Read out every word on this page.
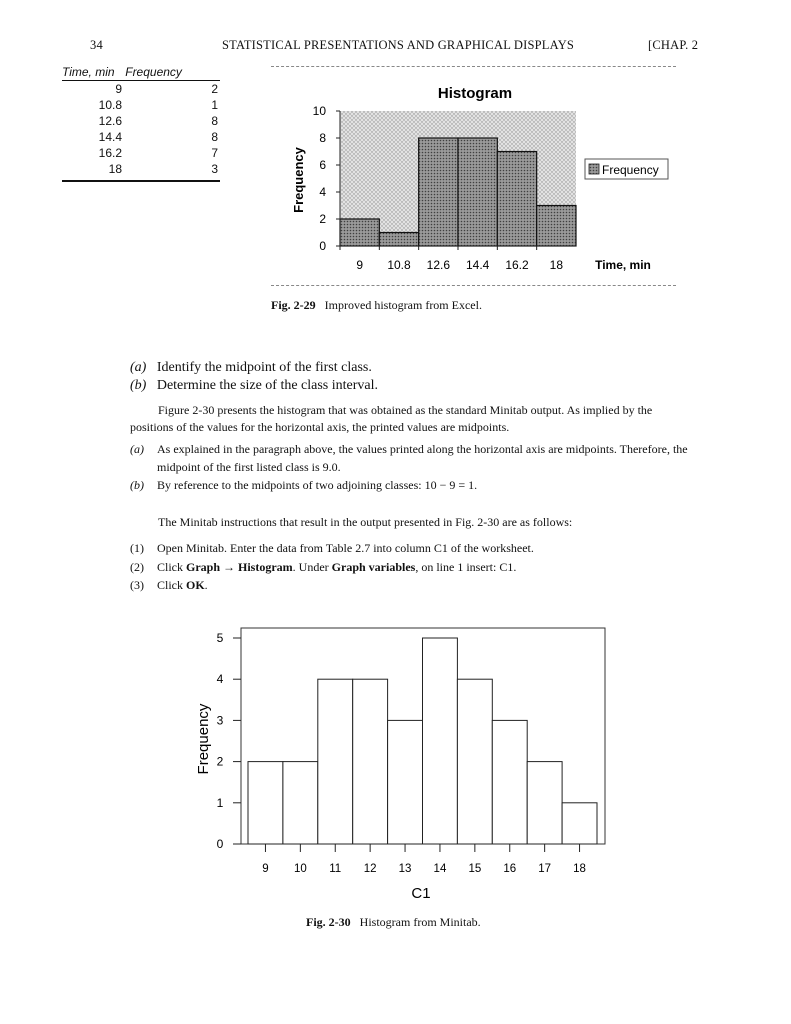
34	STATISTICAL PRESENTATIONS AND GRAPHICAL DISPLAYS	[CHAP. 2
Time, min Frequency
9	2
10.8	1
12.6	8
14.4	8
16.2	7
18	3
0
2
4
6
8
10
9 10.8 12.6 14.4 16.2 18
Histogram
Frequency
Time, min
Frequency
Fig. 2-29 Improved histogram from Excel.
(a) Identify the midpoint of the first class.
(b) Determine the size of the class interval.
Figure 2-30 presents the histogram that was obtained as the standard Minitab output. As implied by the
positions of the values for the horizontal axis, the printed values are midpoints.
(a) As explained in the paragraph above, the values printed along the horizontal axis are midpoints. Therefore, the
midpoint of the first listed class is 9.0.
(b) By reference to the midpoints of two adjoining classes: 10 − 9 = 1.
The Minitab instructions that result in the output presented in Fig. 2-30 are as follows:
(1) Open Minitab. Enter the data from Table 2.7 into column C1 of the worksheet.
(2) Click Graph → Histogram. Under Graph variables, on line 1 insert: C1.
(3) Click OK.
0
1
2
3
4
5
9 10 11 12 13 14 15 16 17 18
Frequency
C1
Fig. 2-30 Histogram from Minitab.
